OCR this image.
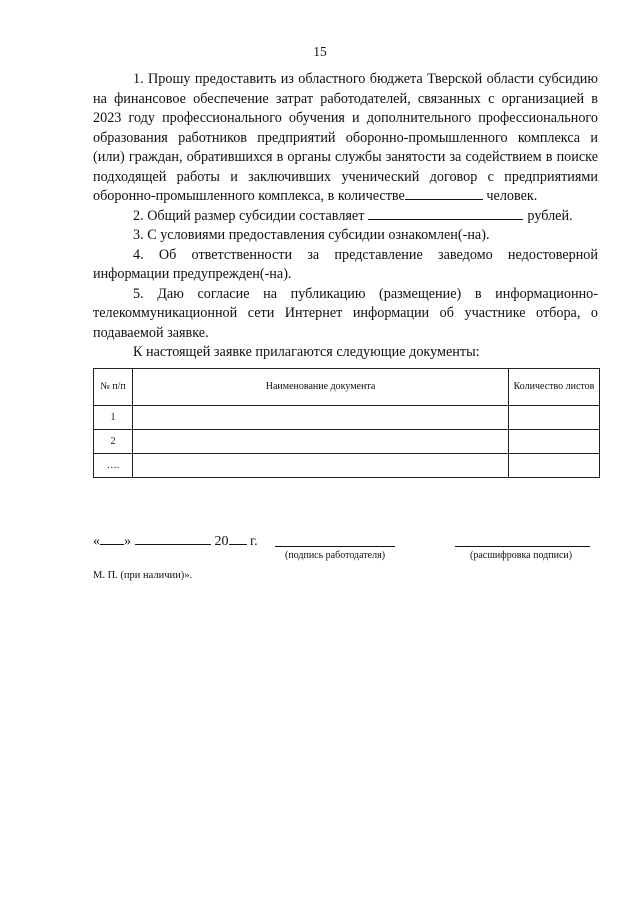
15

1. Прошу предоставить из областного бюджета Тверской области субсидию на финансовое обеспечение затрат работодателей, связанных с организацией в 2023 году профессионального обучения и дополнительного профессионального образования работников предприятий оборонно-промышленного комплекса и (или) граждан, обратившихся в органы службы занятости за содействием в поиске подходящей работы и заключивших ученический договор с предприятиями оборонно-промышленного комплекса, в количестве	человек.

2. Общий размер субсидии составляет	рублей.

3. С условиями предоставления субсидии ознакомлен(-на).

4. Об ответственности за представление заведомо недостоверной информации предупрежден(-на).

5. Даю согласие на публикацию (размещение) в информационно-телекоммуникационной сети Интернет информации об участнике отбора, о подаваемой заявке.

К настоящей заявке прилагаются следующие документы:

№ п/п	Наименование документа	Количество листов
1		
2		
….		
« »	20 г.
(подпись работодателя)	(расшифровка подписи)
М. П. (при наличии)».
